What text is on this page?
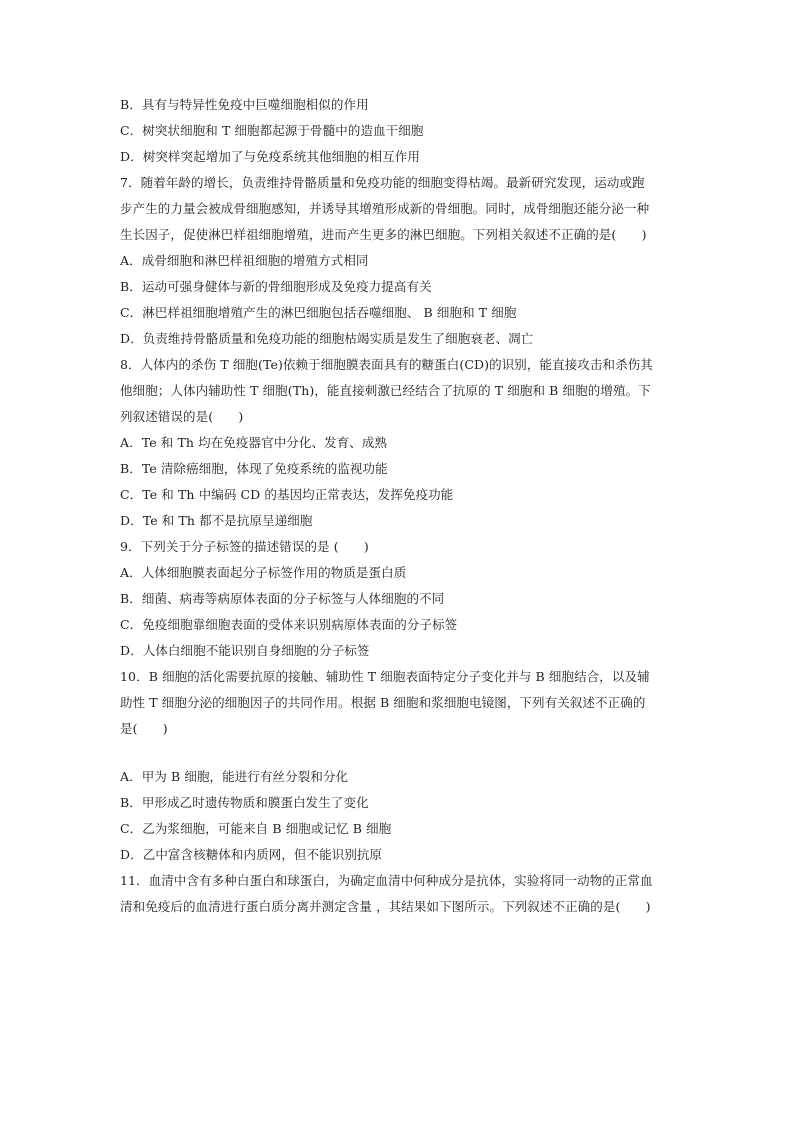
B．具有与特异性免疫中巨噬细胞相似的作用
C．树突状细胞和 T 细胞都起源于骨髓中的造血干细胞
D．树突样突起增加了与免疫系统其他细胞的相互作用
7．随着年龄的增长，负责维持骨骼质量和免疫功能的细胞变得枯竭。最新研究发现，运动或跑
步产生的力量会被成骨细胞感知，并诱导其增殖形成新的骨细胞。同时，成骨细胞还能分泌一种
生长因子，促使淋巴样祖细胞增殖，进而产生更多的淋巴细胞。下列相关叙述不正确的是(　　)
A．成骨细胞和淋巴样祖细胞的增殖方式相同
B．运动可强身健体与新的骨细胞形成及免疫力提高有关
C．淋巴样祖细胞增殖产生的淋巴细胞包括吞噬细胞、 B 细胞和 T 细胞
D．负责维持骨骼质量和免疫功能的细胞枯竭实质是发生了细胞衰老、凋亡
8．人体内的杀伤 T 细胞(Te)依赖于细胞膜表面具有的糖蛋白(CD)的识别，能直接攻击和杀伤其
他细胞；人体内辅助性 T 细胞(Th)，能直接刺激已经结合了抗原的 T 细胞和 B 细胞的增殖。下
列叙述错误的是(　　)
A．Te 和 Th 均在免疫器官中分化、发育、成熟
B．Te 清除癌细胞，体现了免疫系统的监视功能
C．Te 和 Th 中编码 CD 的基因均正常表达，发挥免疫功能
D．Te 和 Th 都不是抗原呈递细胞
9．下列关于分子标签的描述错误的是 (　　)
A．人体细胞膜表面起分子标签作用的物质是蛋白质
B．细菌、病毒等病原体表面的分子标签与人体细胞的不同
C．免疫细胞靠细胞表面的受体来识别病原体表面的分子标签
D．人体白细胞不能识别自身细胞的分子标签
10．B 细胞的活化需要抗原的接触、辅助性 T 细胞表面特定分子变化并与 B 细胞结合，以及辅
助性 T 细胞分泌的细胞因子的共同作用。根据 B 细胞和浆细胞电镜图，下列有关叙述不正确的
是(　　)
A．甲为 B 细胞，能进行有丝分裂和分化
B．甲形成乙时遗传物质和膜蛋白发生了变化
C．乙为浆细胞，可能来自 B 细胞或记忆 B 细胞
D．乙中富含核糖体和内质网，但不能识别抗原
11．血清中含有多种白蛋白和球蛋白，为确定血清中何种成分是抗体，实验将同一动物的正常血
清和免疫后的血清进行蛋白质分离并测定含量 ，其结果如下图所示。下列叙述不正确的是(　　)
